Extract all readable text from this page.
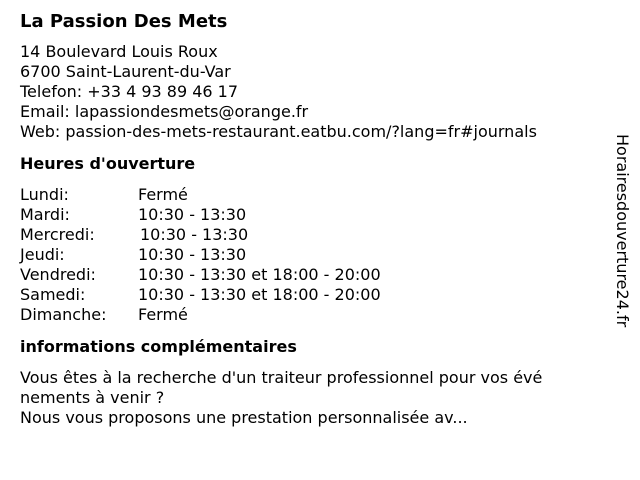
La Passion Des Mets
14 Boulevard Louis Roux
6700 Saint-Laurent-du-Var
Telefon: +33 4 93 89 46 17
Email: lapassiondesmets@orange.fr
Web: passion-des-mets-restaurant.eatbu.com/?lang=fr#journals
Heures d'ouverture
Lundi:	Fermé
Mardi:	10:30 - 13:30
Mercredi:	10:30 - 13:30
Jeudi:	10:30 - 13:30
Vendredi:	10:30 - 13:30 et 18:00 - 20:00
Samedi:	10:30 - 13:30 et 18:00 - 20:00
Dimanche:	Fermé
informations complémentaires
Vous êtes à la recherche d'un traiteur professionnel pour vos évé
nements à venir ?
Nous vous proposons une prestation personnalisée av...
Horairesdouverture24.fr
